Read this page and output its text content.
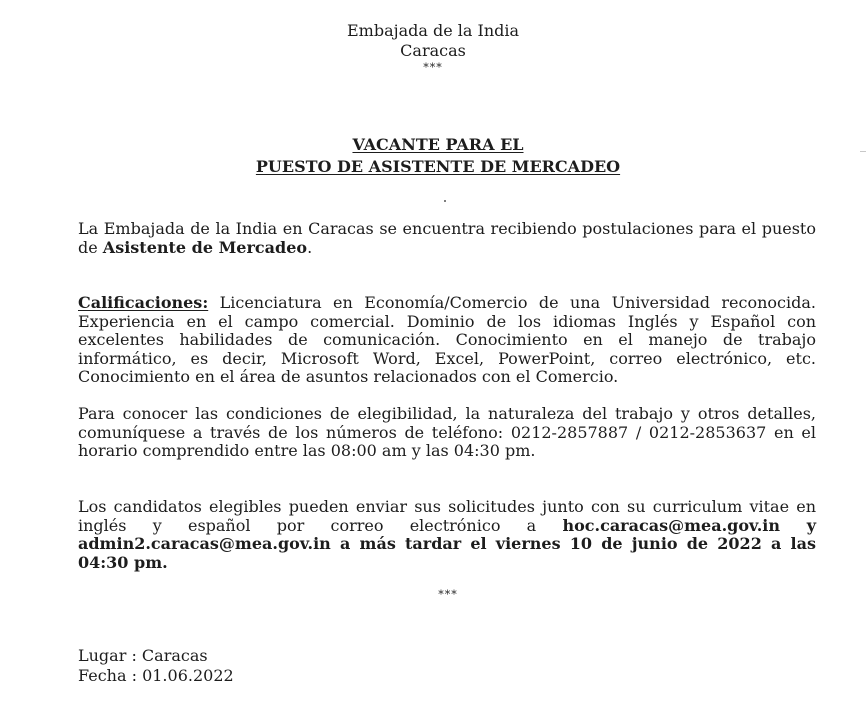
Embajada de la India
Caracas
***
VACANTE PARA EL
PUESTO DE ASISTENTE DE MERCADEO
La Embajada de la India en Caracas se encuentra recibiendo postulaciones para el puesto de Asistente de Mercadeo.
Calificaciones: Licenciatura en Economía/Comercio de una Universidad reconocida. Experiencia en el campo comercial. Dominio de los idiomas Inglés y Español con excelentes habilidades de comunicación. Conocimiento en el manejo de trabajo informático, es decir, Microsoft Word, Excel, PowerPoint, correo electrónico, etc. Conocimiento en el área de asuntos relacionados con el Comercio.
Para conocer las condiciones de elegibilidad, la naturaleza del trabajo y otros detalles, comuníquese a través de los números de teléfono: 0212-2857887 / 0212-2853637 en el horario comprendido entre las 08:00 am y las 04:30 pm.
Los candidatos elegibles pueden enviar sus solicitudes junto con su curriculum vitae en inglés y español por correo electrónico a hoc.caracas@mea.gov.in y admin2.caracas@mea.gov.in a más tardar el viernes 10 de junio de 2022 a las 04:30 pm.
***
Lugar : Caracas
Fecha : 01.06.2022
